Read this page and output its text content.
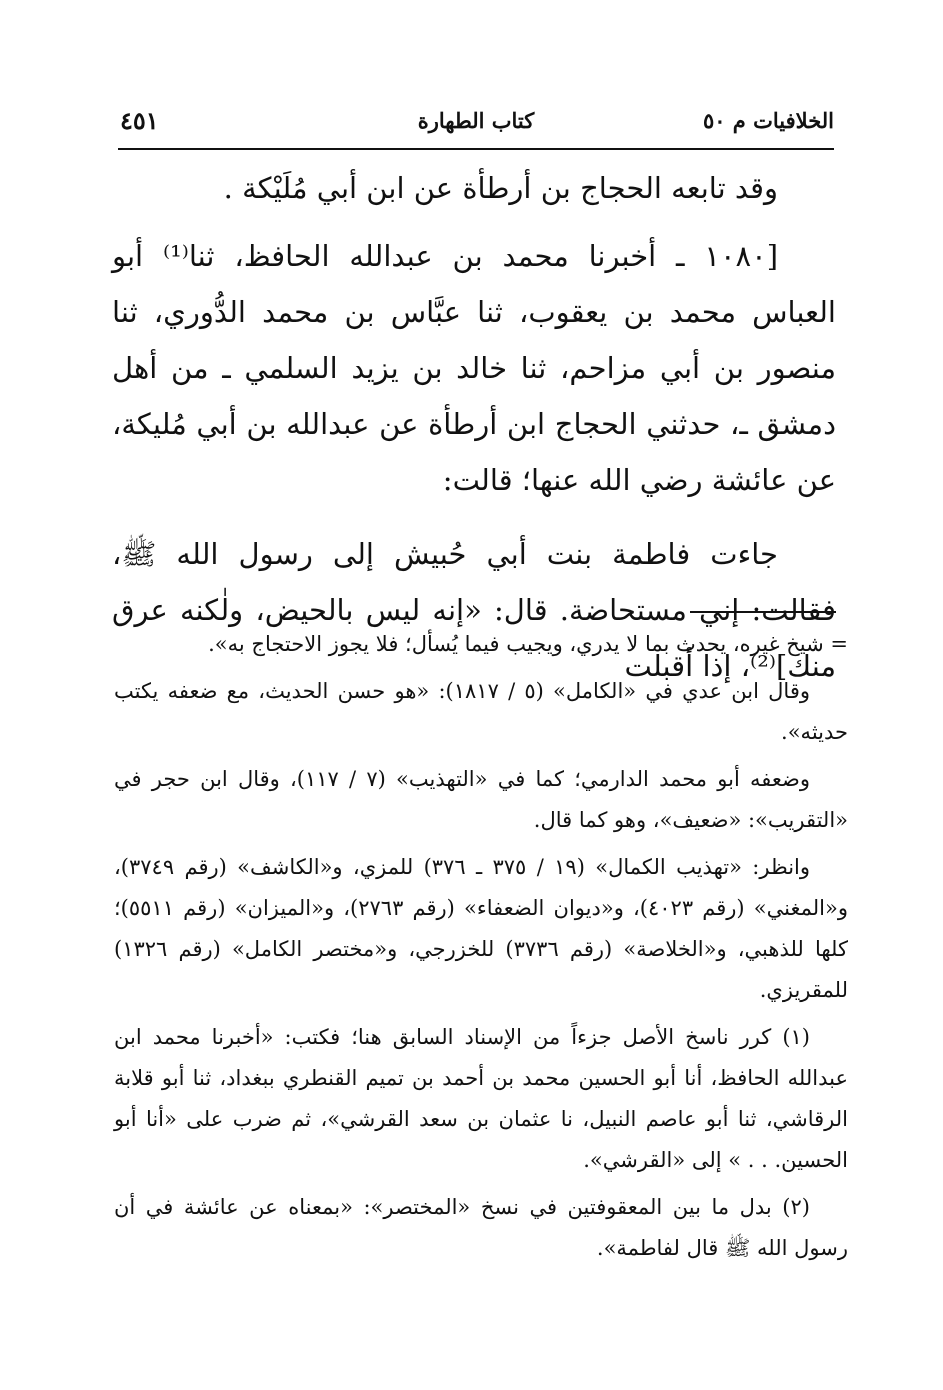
الخلافيات م ٥٠
كتاب الطهارة
٤٥١

وقد تابعه الحجاج بن أرطأة عن ابن أبي مُلَيْكة .

[١٠٨٠ ـ أخبرنا محمد بن عبدالله الحافظ، ثنا⁽¹⁾ أبو العباس محمد بن يعقوب، ثنا عبَّاس بن محمد الدُّوري، ثنا منصور بن أبي مزاحم، ثنا خالد بن يزيد السلمي ـ من أهل دمشق ـ، حدثني الحجاج ابن أرطأة عن عبدالله بن أبي مُليكة، عن عائشة رضي الله عنها؛ قالت:

جاءت فاطمة بنت أبي حُبيش إلى رسول الله ﷺ، فقالت: إني مستحاضة. قال: «إنه ليس بالحيض، ولٰكنه عرق منك]⁽²⁾، إذا أقبلت

= شيخ غيره، يحدث بما لا يدري، ويجيب فيما يُسأل؛ فلا يجوز الاحتجاج به».

وقال ابن عدي في «الكامل» (٥ / ١٨١٧): «هو حسن الحديث، مع ضعفه يكتب حديثه».

وضعفه أبو محمد الدارمي؛ كما في «التهذيب» (٧ / ١١٧)، وقال ابن حجر في «التقريب»: «ضعيف»، وهو كما قال.

وانظر: «تهذيب الكمال» (١٩ / ٣٧٥ ـ ٣٧٦) للمزي، و«الكاشف» (رقم ٣٧٤٩)، و«المغني» (رقم ٤٠٢٣)، و«ديوان الضعفاء» (رقم ٢٧٦٣)، و«الميزان» (رقم ٥٥١١)؛ كلها للذهبي، و«الخلاصة» (رقم ٣٧٣٦) للخزرجي، و«مختصر الكامل» (رقم ١٣٢٦) للمقريزي.

(١) كرر ناسخ الأصل جزءاً من الإسناد السابق هنا؛ فكتب: «أخبرنا محمد ابن عبدالله الحافظ، أنا أبو الحسين محمد بن أحمد بن تميم القنطري ببغداد، ثنا أبو قلابة الرقاشي، ثنا أبو عاصم النبيل، نا عثمان بن سعد القرشي»، ثم ضرب على «أنا أبو الحسين. . . » إلى «القرشي».

(٢) بدل ما بين المعقوفتين في نسخ «المختصر»: «بمعناه عن عائشة في أن رسول الله ﷺ قال لفاطمة».
